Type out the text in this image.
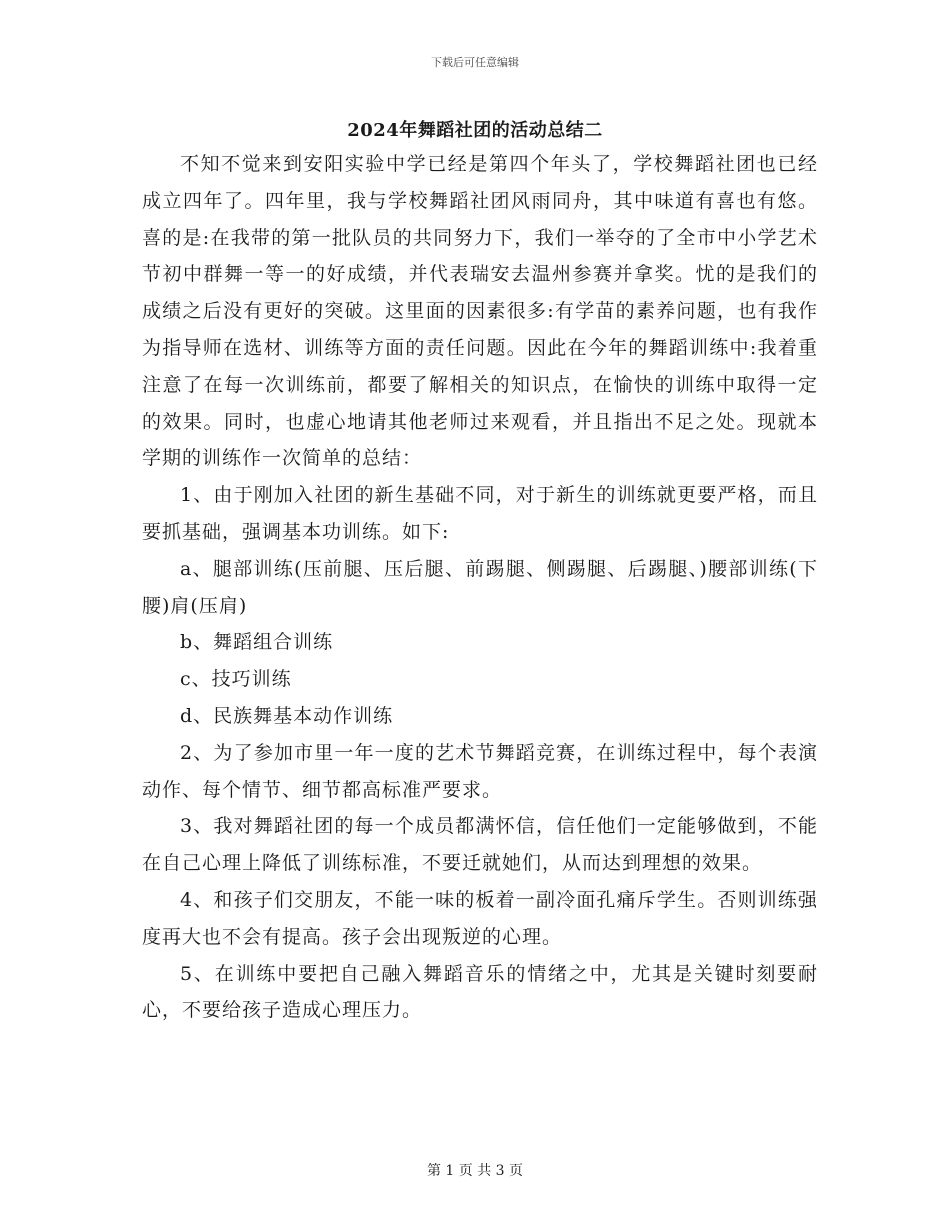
下载后可任意编辑
2024年舞蹈社团的活动总结二

不知不觉来到安阳实验中学已经是第四个年头了，学校舞蹈社团也已经成立四年了。四年里，我与学校舞蹈社团风雨同舟，其中味道有喜也有悠。喜的是:在我带的第一批队员的共同努力下，我们一举夺的了全市中小学艺术节初中群舞一等一的好成绩，并代表瑞安去温州参赛并拿奖。忧的是我们的成绩之后没有更好的突破。这里面的因素很多:有学苗的素养问题，也有我作为指导师在选材、训练等方面的责任问题。因此在今年的舞蹈训练中:我着重注意了在每一次训练前，都要了解相关的知识点，在愉快的训练中取得一定的效果。同时，也虚心地请其他老师过来观看，并且指出不足之处。现就本学期的训练作一次简单的总结：

1、由于刚加入社团的新生基础不同，对于新生的训练就更要严格，而且要抓基础，强调基本功训练。如下:

a、腿部训练(压前腿、压后腿、前踢腿、侧踢腿、后踢腿、)腰部训练(下腰)肩(压肩)

b、舞蹈组合训练

c、技巧训练

d、民族舞基本动作训练

2、为了参加市里一年一度的艺术节舞蹈竞赛，在训练过程中，每个表演动作、每个情节、细节都高标准严要求。

3、我对舞蹈社团的每一个成员都满怀信，信任他们一定能够做到，不能在自己心理上降低了训练标准，不要迁就她们，从而达到理想的效果。

4、和孩子们交朋友，不能一味的板着一副冷面孔痛斥学生。否则训练强度再大也不会有提高。孩子会出现叛逆的心理。

5、在训练中要把自己融入舞蹈音乐的情绪之中，尤其是关键时刻要耐心，不要给孩子造成心理压力。

第 1 页 共 3 页
